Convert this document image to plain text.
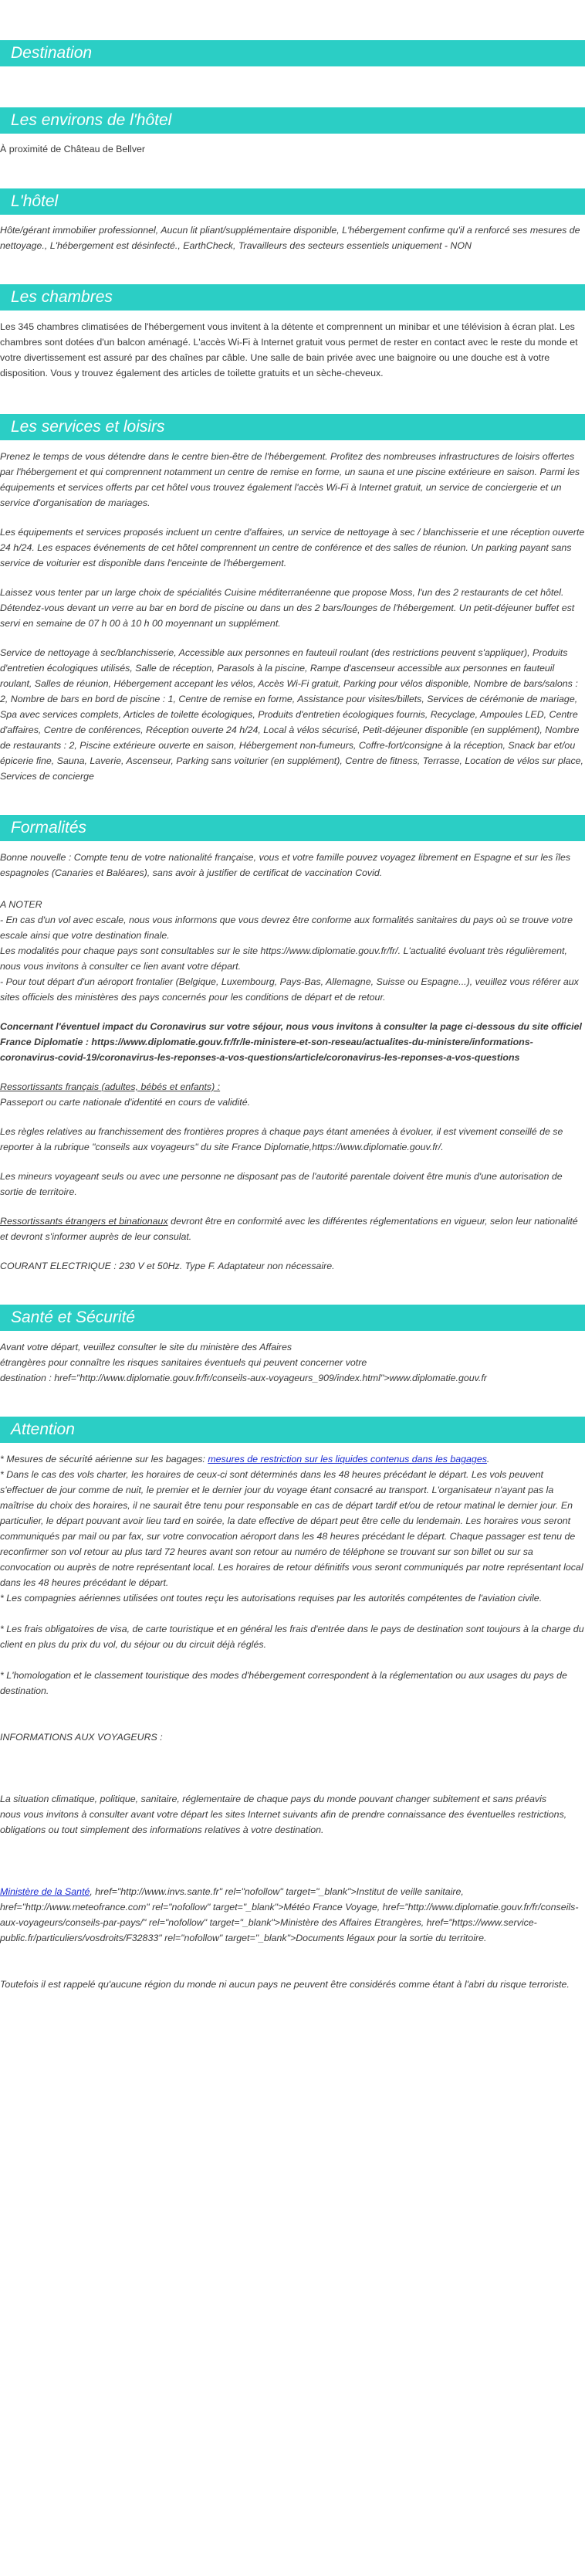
Destination
Les environs de l'hôtel

À proximité de Château de Bellver

L'hôtel

Hôte/gérant immobilier professionnel, Aucun lit pliant/supplémentaire disponible, L'hébergement confirme qu'il a renforcé ses mesures de nettoyage., L'hébergement est désinfecté., EarthCheck, Travailleurs des secteurs essentiels uniquement - NON

Les chambres

Les 345 chambres climatisées de l'hébergement vous invitent à la détente et comprennent un minibar et une télévision à écran plat. Les chambres sont dotées d'un balcon aménagé. L'accès Wi-Fi à Internet gratuit vous permet de rester en contact avec le reste du monde et votre divertissement est assuré par des chaînes par câble. Une salle de bain privée avec une baignoire ou une douche est à votre disposition. Vous y trouvez également des articles de toilette gratuits et un sèche-cheveux.

Les services et loisirs

Prenez le temps de vous détendre dans le centre bien-être de l'hébergement. Profitez des nombreuses infrastructures de loisirs offertes par l'hébergement et qui comprennent notamment un centre de remise en forme, un sauna et une piscine extérieure en saison. Parmi les équipements et services offerts par cet hôtel vous trouvez également l'accès Wi-Fi à Internet gratuit, un service de conciergerie et un service d'organisation de mariages.

Les équipements et services proposés incluent un centre d'affaires, un service de nettoyage à sec / blanchisserie et une réception ouverte 24 h/24. Les espaces événements de cet hôtel comprennent un centre de conférence et des salles de réunion. Un parking payant sans service de voiturier est disponible dans l'enceinte de l'hébergement.

Laissez vous tenter par un large choix de spécialités Cuisine méditerranéenne que propose Moss, l'un des 2 restaurants de cet hôtel. Détendez-vous devant un verre au bar en bord de piscine ou dans un des 2 bars/lounges de l'hébergement. Un petit-déjeuner buffet est servi en semaine de 07 h 00 à 10 h 00 moyennant un supplément.

Service de nettoyage à sec/blanchisserie, Accessible aux personnes en fauteuil roulant (des restrictions peuvent s'appliquer), Produits d'entretien écologiques utilisés, Salle de réception, Parasols à la piscine, Rampe d'ascenseur accessible aux personnes en fauteuil roulant, Salles de réunion, Hébergement accepant les vélos, Accès Wi-Fi gratuit, Parking pour vélos disponible, Nombre de bars/salons : 2, Nombre de bars en bord de piscine : 1, Centre de remise en forme, Assistance pour visites/billets, Services de cérémonie de mariage, Spa avec services complets, Articles de toilette écologiques, Produits d'entretien écologiques fournis, Recyclage, Ampoules LED, Centre d'affaires, Centre de conférences, Réception ouverte 24 h/24, Local à vélos sécurisé, Petit-déjeuner disponible (en supplément), Nombre de restaurants : 2, Piscine extérieure ouverte en saison, Hébergement non-fumeurs, Coffre-fort/consigne à la réception, Snack bar et/ou épicerie fine, Sauna, Laverie, Ascenseur, Parking sans voiturier (en supplément), Centre de fitness, Terrasse, Location de vélos sur place, Services de concierge

Formalités

Bonne nouvelle : Compte tenu de votre nationalité française, vous et votre famille pouvez voyagez librement en Espagne et sur les îles espagnoles (Canaries et Baléares), sans avoir à justifier de certificat de vaccination Covid.

A NOTER

- En cas d'un vol avec escale, nous vous informons que vous devrez être conforme aux formalités sanitaires du pays où se trouve votre escale ainsi que votre destination finale.

Les modalités pour chaque pays sont consultables sur le site https://www.diplomatie.gouv.fr/fr/. L'actualité évoluant très régulièrement, nous vous invitons à consulter ce lien avant votre départ.

- Pour tout départ d'un aéroport frontalier (Belgique, Luxembourg, Pays-Bas, Allemagne, Suisse ou Espagne...), veuillez vous référer aux sites officiels des ministères des pays concernés pour les conditions de départ et de retour.

Concernant l'éventuel impact du Coronavirus sur votre séjour, nous vous invitons à consulter la page ci-dessous du site officiel France Diplomatie : https://www.diplomatie.gouv.fr/fr/le-ministere-et-son-reseau/actualites-du-ministere/informations-coronavirus-covid-19/coronavirus-les-reponses-a-vos-questions/article/coronavirus-les-reponses-a-vos-questions

Ressortissants français (adultes, bébés et enfants) :

Passeport ou carte nationale d'identité en cours de validité.

Les règles relatives au franchissement des frontières propres à chaque pays étant amenées à évoluer, il est vivement conseillé de se reporter à la rubrique "conseils aux voyageurs" du site France Diplomatie,https://www.diplomatie.gouv.fr/.

Les mineurs voyageant seuls ou avec une personne ne disposant pas de l'autorité parentale doivent être munis d'une autorisation de sortie de territoire.

Ressortissants étrangers et binationaux devront être en conformité avec les différentes réglementations en vigueur, selon leur nationalité et devront s'informer auprès de leur consulat.

COURANT ELECTRIQUE : 230 V et 50Hz. Type F. Adaptateur non nécessaire.

Santé et Sécurité

Avant votre départ, veuillez consulter le site du ministère des Affaires

étrangères pour connaître les risques sanitaires éventuels qui peuvent concerner votre

destination : href="http://www.diplomatie.gouv.fr/fr/conseils-aux-voyageurs_909/index.html">www.diplomatie.gouv.fr

Attention

* Mesures de sécurité aérienne sur les bagages: mesures de restriction sur les liquides contenus dans les bagages.

* Dans le cas des vols charter, les horaires de ceux-ci sont déterminés dans les 48 heures précédant le départ. Les vols peuvent s'effectuer de jour comme de nuit, le premier et le dernier jour du voyage étant consacré au transport. L'organisateur n'ayant pas la maîtrise du choix des horaires, il ne saurait être tenu pour responsable en cas de départ tardif et/ou de retour matinal le dernier jour. En particulier, le départ pouvant avoir lieu tard en soirée, la date effective de départ peut être celle du lendemain. Les horaires vous seront communiqués par mail ou par fax, sur votre convocation aéroport dans les 48 heures précédant le départ. Chaque passager est tenu de reconfirmer son vol retour au plus tard 72 heures avant son retour au numéro de téléphone se trouvant sur son billet ou sur sa convocation ou auprès de notre représentant local. Les horaires de retour définitifs vous seront communiqués par notre représentant local dans les 48 heures précédant le départ.

* Les compagnies aériennes utilisées ont toutes reçu les autorisations requises par les autorités compétentes de l'aviation civile.

* Les frais obligatoires de visa, de carte touristique et en général les frais d'entrée dans le pays de destination sont toujours à la charge du client en plus du prix du vol, du séjour ou du circuit déjà réglés.

* L'homologation et le classement touristique des modes d'hébergement correspondent à la réglementation ou aux usages du pays de destination.

INFORMATIONS AUX VOYAGEURS :

La situation climatique, politique, sanitaire, réglementaire de chaque pays du monde pouvant changer subitement et sans préavis

nous vous invitons à consulter avant votre départ les sites Internet suivants afin de prendre connaissance des éventuelles restrictions, obligations ou tout simplement des informations relatives à votre destination.

Ministère de la Santé, href="http://www.invs.sante.fr" rel="nofollow" target="_blank">Institut de veille sanitaire, href="http://www.meteofrance.com" rel="nofollow" target="_blank">Météo France Voyage, href="http://www.diplomatie.gouv.fr/fr/conseils-aux-voyageurs/conseils-par-pays/" rel="nofollow" target="_blank">Ministère des Affaires Etrangères, href="https://www.service-public.fr/particuliers/vosdroits/F32833" rel="nofollow" target="_blank">Documents légaux pour la sortie du territoire.

Toutefois il est rappelé qu'aucune région du monde ni aucun pays ne peuvent être considérés comme étant à l'abri du risque terroriste.
